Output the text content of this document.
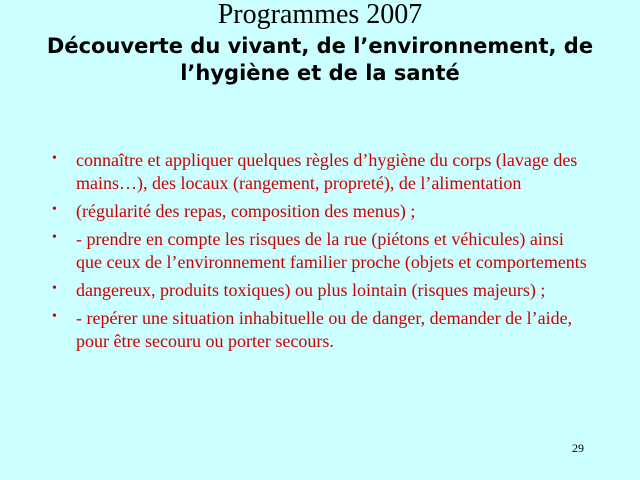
Programmes 2007
Découverte du vivant, de l’environnement, de l’hygiène et de la santé
• connaître et appliquer quelques règles d’hygiène du corps (lavage des mains…), des locaux (rangement, propreté), de l’alimentation
• (régularité des repas, composition des menus) ;
• - prendre en compte les risques de la rue (piétons et véhicules) ainsi que ceux de l’environnement familier proche (objets et comportements
• dangereux, produits toxiques) ou plus lointain (risques majeurs) ;
• - repérer une situation inhabituelle ou de danger, demander de l’aide, pour être secouru ou porter secours.
29
